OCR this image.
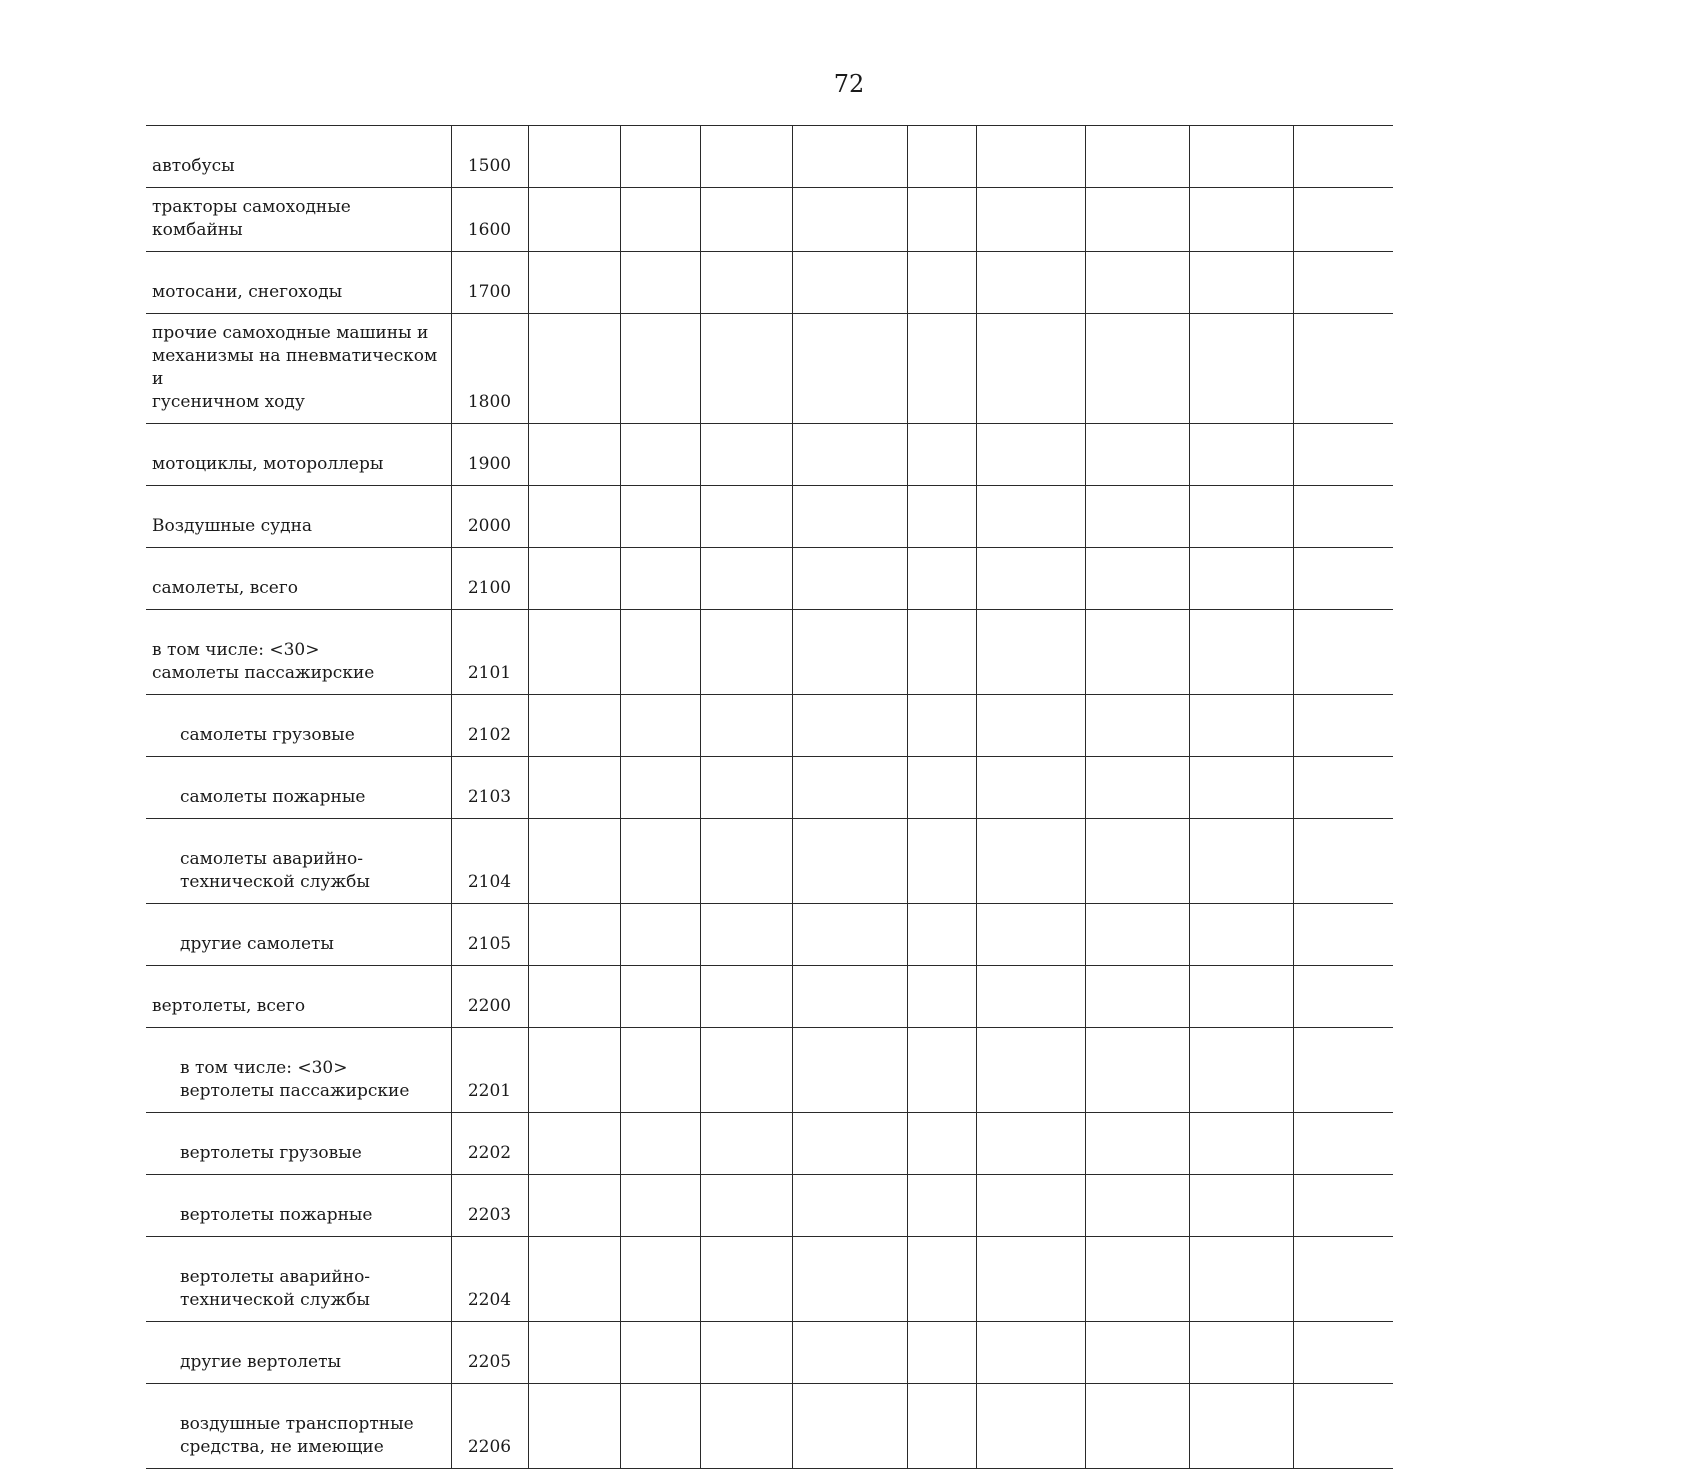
72
автобусы	1500									
тракторы самоходные комбайны	1600									
мотосани, снегоходы	1700									
прочие самоходные машины и
механизмы на пневматическом и
гусеничном ходу	1800									
мотоциклы, мотороллеры	1900									
Воздушные судна	2000									
самолеты, всего	2100									
в том числе: <30>
самолеты пассажирские	2101									
самолеты грузовые	2102									
самолеты пожарные	2103									
самолеты аварийно-
технической службы	2104									
другие самолеты	2105									
вертолеты, всего	2200									
в том числе: <30>
вертолеты пассажирские	2201									
вертолеты грузовые	2202									
вертолеты пожарные	2203									
вертолеты аварийно-
технической службы	2204									
другие вертолеты	2205									
воздушные транспортные
средства, не имеющие	2206									
